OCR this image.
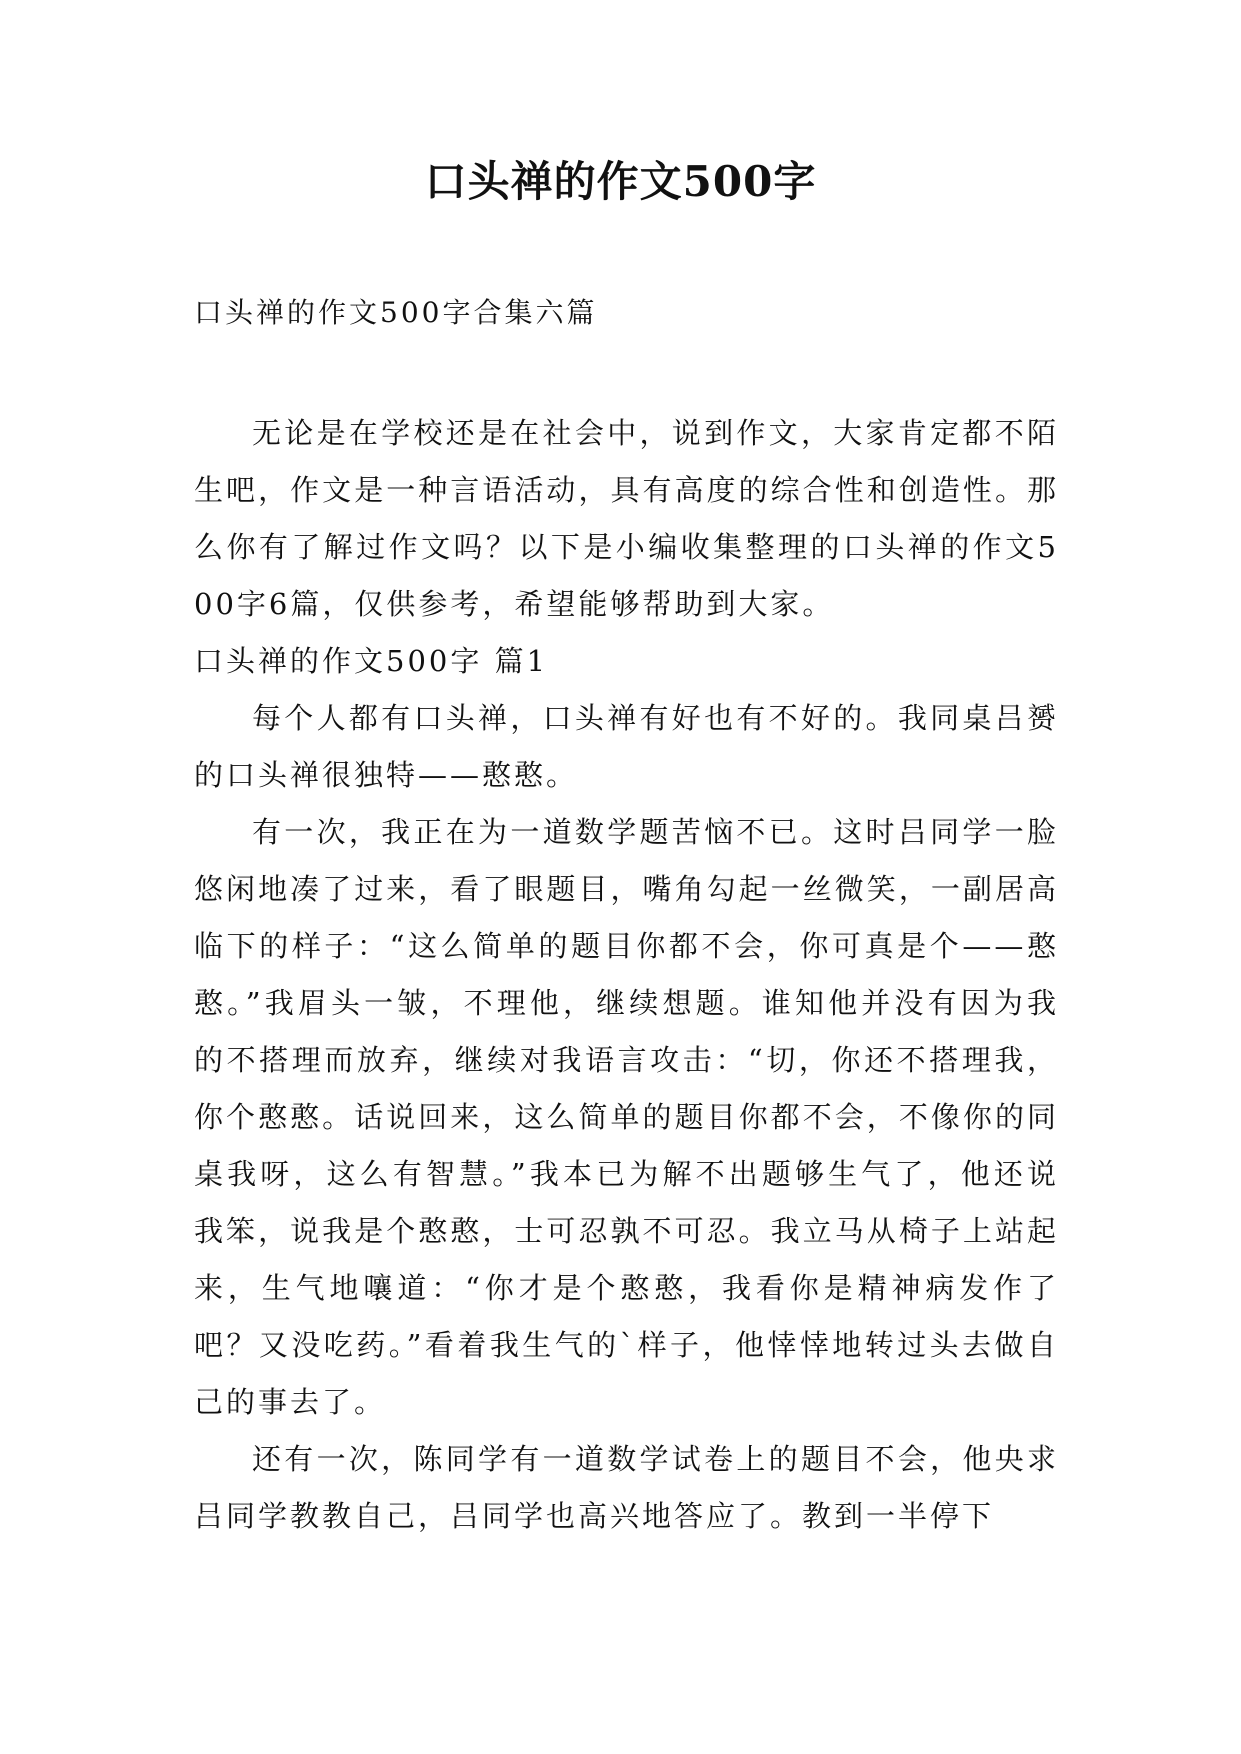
口头禅的作文500字
口头禅的作文500字合集六篇

无论是在学校还是在社会中，说到作文，大家肯定都不陌生吧，作文是一种言语活动，具有高度的综合性和创造性。那么你有了解过作文吗？以下是小编收集整理的口头禅的作文500字6篇，仅供参考，希望能够帮助到大家。

口头禅的作文500字 篇1

每个人都有口头禅，口头禅有好也有不好的。我同桌吕赟的口头禅很独特——憨憨。

有一次，我正在为一道数学题苦恼不已。这时吕同学一脸悠闲地凑了过来，看了眼题目，嘴角勾起一丝微笑，一副居高临下的样子：“这么简单的题目你都不会，你可真是个——憨憨。”我眉头一皱，不理他，继续想题。谁知他并没有因为我的不搭理而放弃，继续对我语言攻击：“切，你还不搭理我，你个憨憨。话说回来，这么简单的题目你都不会，不像你的同桌我呀，这么有智慧。”我本已为解不出题够生气了，他还说我笨，说我是个憨憨，士可忍孰不可忍。我立马从椅子上站起来，生气地嚷道：“你才是个憨憨，我看你是精神病发作了吧？又没吃药。”看着我生气的`样子，他悻悻地转过头去做自己的事去了。

还有一次，陈同学有一道数学试卷上的题目不会，他央求吕同学教教自己，吕同学也高兴地答应了。教到一半停下
